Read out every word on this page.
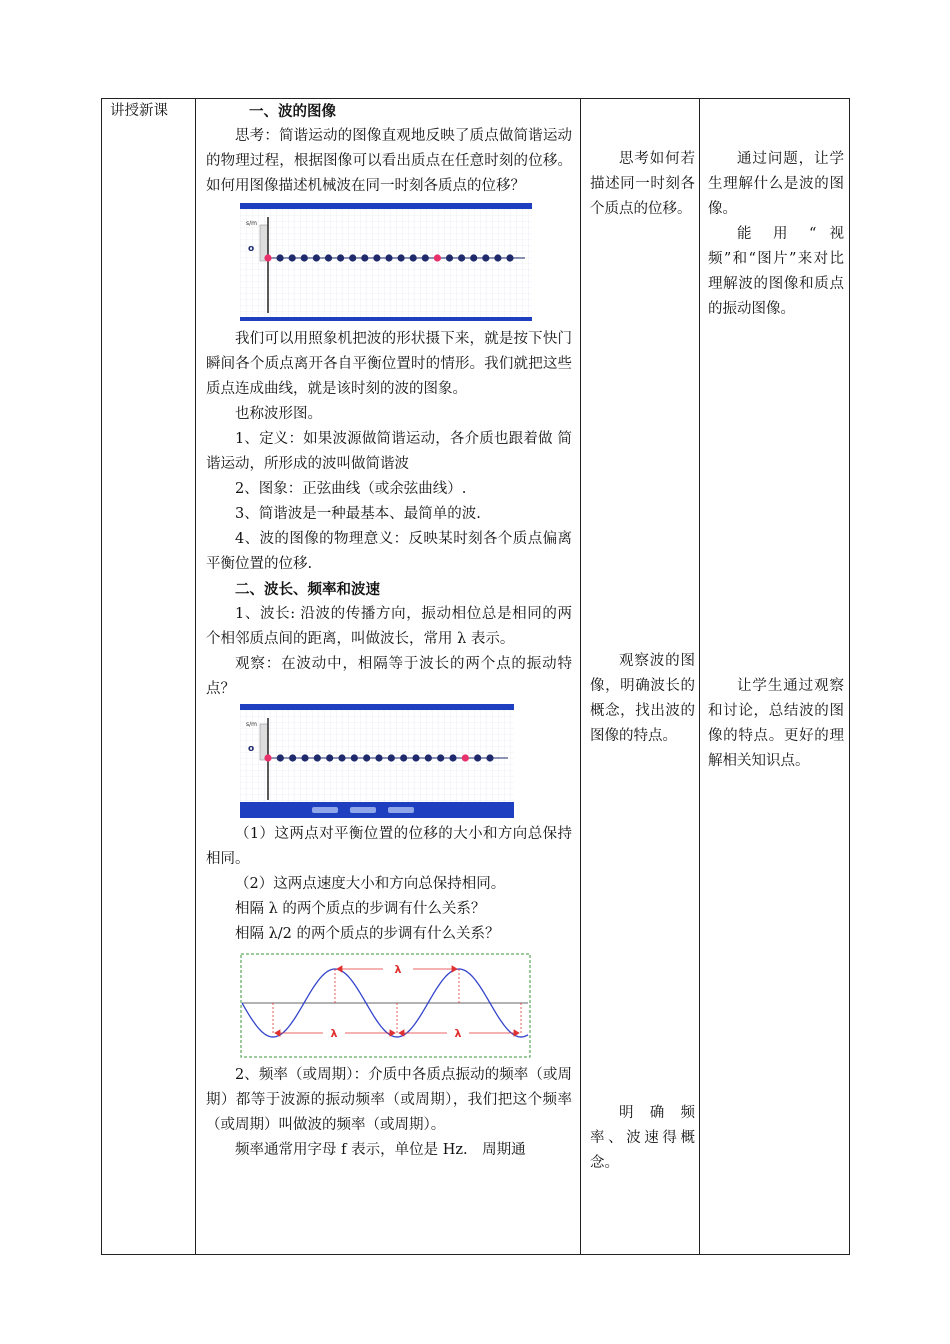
讲授新课	一、波的图像

思考：简谐运动的图像直观地反映了质点做简谐运动的物理过程，根据图像可以看出质点在任意时刻的位移。 如何用图像描述机械波在同一时刻各质点的位移？

s/m
o

我们可以用照象机把波的形状摄下来，就是按下快门瞬间各个质点离开各自平衡位置时的情形。我们就把这些质点连成曲线，就是该时刻的波的图象。

也称波形图。

1、定义：如果波源做简谐运动，各介质也跟着做 简谐运动，所形成的波叫做简谐波

2、图象：正弦曲线（或余弦曲线）.

3、简谐波是一种最基本、最简单的波.

4、波的图像的物理意义：反映某时刻各个质点偏离平衡位置的位移.

二、波长、频率和波速

1、波长: 沿波的传播方向，振动相位总是相同的两个相邻质点间的距离，叫做波长，常用 λ 表示。

观察：在波动中，相隔等于波长的两个点的振动特点？

s/m
o

（1）这两点对平衡位置的位移的大小和方向总保持相同。

（2）这两点速度大小和方向总保持相同。

相隔 λ 的两个质点的步调有什么关系？

相隔 λ/2 的两个质点的步调有什么关系？

λ
λ	λ

2、频率（或周期）：介质中各质点振动的频率（或周期）都等于波源的振动频率（或周期），我们把这个频率（或周期）叫做波的频率（或周期）。

频率通常用字母 f 表示，单位是 Hz.　周期通

思考如何若描述同一时刻各个质点的位移。

观察波的图像，明确波长的概念，找出波的图像的特点。

明 确 频率、波速得概念。

通过问题，让学生理解什么是波的图像。

能 用 “ 视 频”和“图片”来对比理解波的图像和质点的振动图像。

让学生通过观察和讨论，总结波的图像的特点。更好的理解相关知识点。
